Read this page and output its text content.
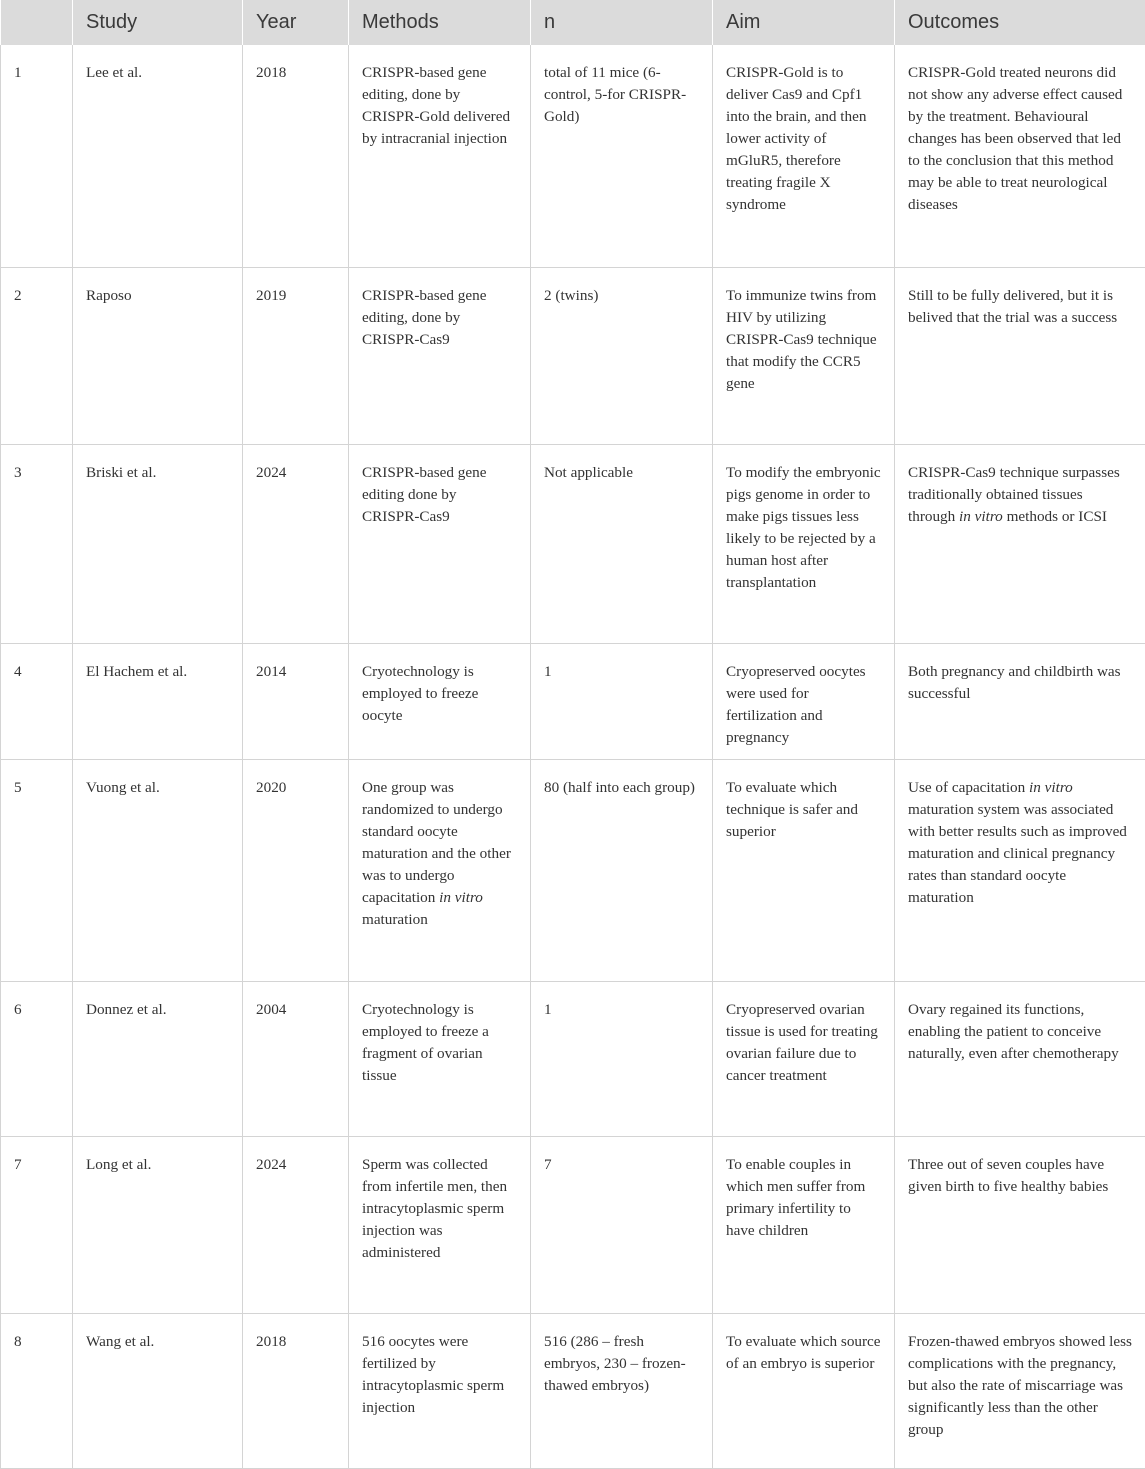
	Study	Year	Methods	n	Aim	Outcomes
1	Lee et al.	2018	CRISPR-based gene editing, done by CRISPR-Gold delivered by intracranial injection	total of 11 mice (6- control, 5-for CRISPR-Gold)	CRISPR-Gold is to deliver Cas9 and Cpf1 into the brain, and then lower activity of mGluR5, therefore treating fragile X syndrome	CRISPR-Gold treated neurons did not show any adverse effect caused by the treatment. Behavioural changes has been observed that led to the conclusion that this method may be able to treat neurological diseases
2	Raposo	2019	CRISPR-based gene editing, done by CRISPR-Cas9	2 (twins)	To immunize twins from HIV by utilizing CRISPR-Cas9 technique that modify the CCR5 gene	Still to be fully delivered, but it is belived that the trial was a success
3	Briski et al.	2024	CRISPR-based gene editing done by CRISPR-Cas9	Not applicable	To modify the embryonic pigs genome in order to make pigs tissues less likely to be rejected by a human host after transplantation	CRISPR-Cas9 technique surpasses traditionally obtained tissues through in vitro methods or ICSI
4	El Hachem et al.	2014	Cryotechnology is employed to freeze oocyte	1	Cryopreserved oocytes were used for fertilization and pregnancy	Both pregnancy and childbirth was successful
5	Vuong et al.	2020	One group was randomized to undergo standard oocyte maturation and the other was to undergo capacitation in vitro maturation	80 (half into each group)	To evaluate which technique is safer and superior	Use of capacitation in vitro maturation system was associated with better results such as improved maturation and clinical pregnancy rates than standard oocyte maturation
6	Donnez et al.	2004	Cryotechnology is employed to freeze a fragment of ovarian tissue	1	Cryopreserved ovarian tissue is used for treating ovarian failure due to cancer treatment	Ovary regained its functions, enabling the patient to conceive naturally, even after chemotherapy
7	Long et al.	2024	Sperm was collected from infertile men, then intracytoplasmic sperm injection was administered	7	To enable couples in which men suffer from primary infertility to have children	Three out of seven couples have given birth to five healthy babies
8	Wang et al.	2018	516 oocytes were fertilized by intracytoplasmic sperm injection	516 (286 – fresh embryos, 230 – frozen-thawed embryos)	To evaluate which source of an embryo is superior	Frozen-thawed embryos showed less complications with the pregnancy, but also the rate of miscarriage was significantly less than the other group
